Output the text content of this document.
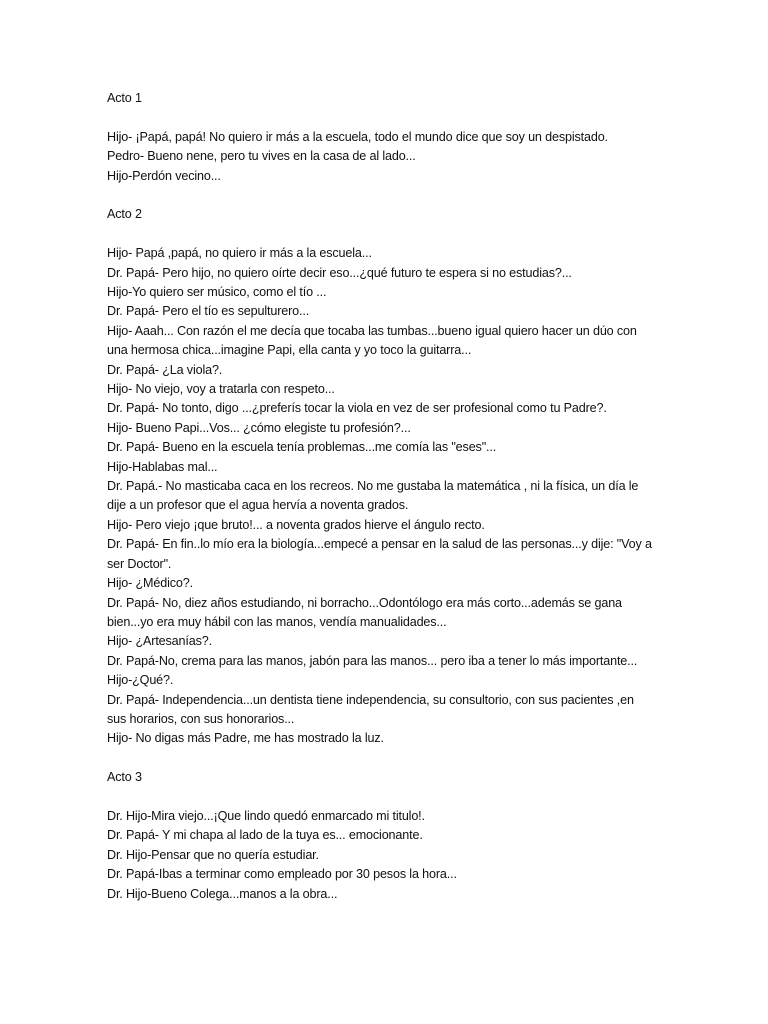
Acto 1

Hijo- ¡Papá, papá! No quiero ir más a la escuela, todo el mundo dice que soy un despistado.

Pedro- Bueno nene, pero tu vives en la casa de al lado...

Hijo-Perdón vecino...

Acto 2

Hijo- Papá ,papá, no quiero ir más a la escuela...

Dr. Papá- Pero hijo, no quiero oírte decir eso...¿qué futuro te espera si no estudias?...

Hijo-Yo quiero ser músico, como el tío ...

Dr. Papá- Pero el tío es sepulturero...

Hijo- Aaah... Con razón el me decía que tocaba las tumbas...bueno igual quiero hacer un dúo con

una hermosa chica...imagine Papi, ella canta y yo toco la guitarra...

Dr. Papá- ¿La viola?.

Hijo- No viejo, voy a tratarla con respeto...

Dr. Papá- No tonto, digo ...¿preferís tocar la viola en vez de ser profesional como tu Padre?.

Hijo- Bueno Papi...Vos... ¿cómo elegiste tu profesión?...

Dr. Papá- Bueno en la escuela tenía problemas...me comía las "eses"...

Hijo-Hablabas mal...

Dr. Papá.- No masticaba caca en los recreos. No me gustaba la matemática , ni la física, un día le

dije a un profesor que el agua hervía a noventa grados.

Hijo- Pero viejo ¡que bruto!... a noventa grados hierve el ángulo recto.

Dr. Papá- En fin..lo mío era la biología...empecé a pensar en la salud de las personas...y dije: "Voy a

ser Doctor".

Hijo- ¿Médico?.

Dr. Papá- No, diez años estudiando, ni borracho...Odontólogo era más corto...además se gana

bien...yo era muy hábil con las manos, vendía manualidades...

Hijo- ¿Artesanías?.

Dr. Papá-No, crema para las manos, jabón para las manos... pero iba a tener lo más importante...

Hijo-¿Qué?.

Dr. Papá- Independencia...un dentista tiene independencia, su consultorio, con sus pacientes ,en

sus horarios, con sus honorarios...

Hijo- No digas más Padre, me has mostrado la luz.

Acto 3

Dr. Hijo-Mira viejo...¡Que lindo quedó enmarcado mi titulo!.

Dr. Papá- Y mi chapa al lado de la tuya es... emocionante.

Dr. Hijo-Pensar que no quería estudiar.

Dr. Papá-Ibas a terminar como empleado por 30 pesos la hora...

Dr. Hijo-Bueno Colega...manos a la obra...
